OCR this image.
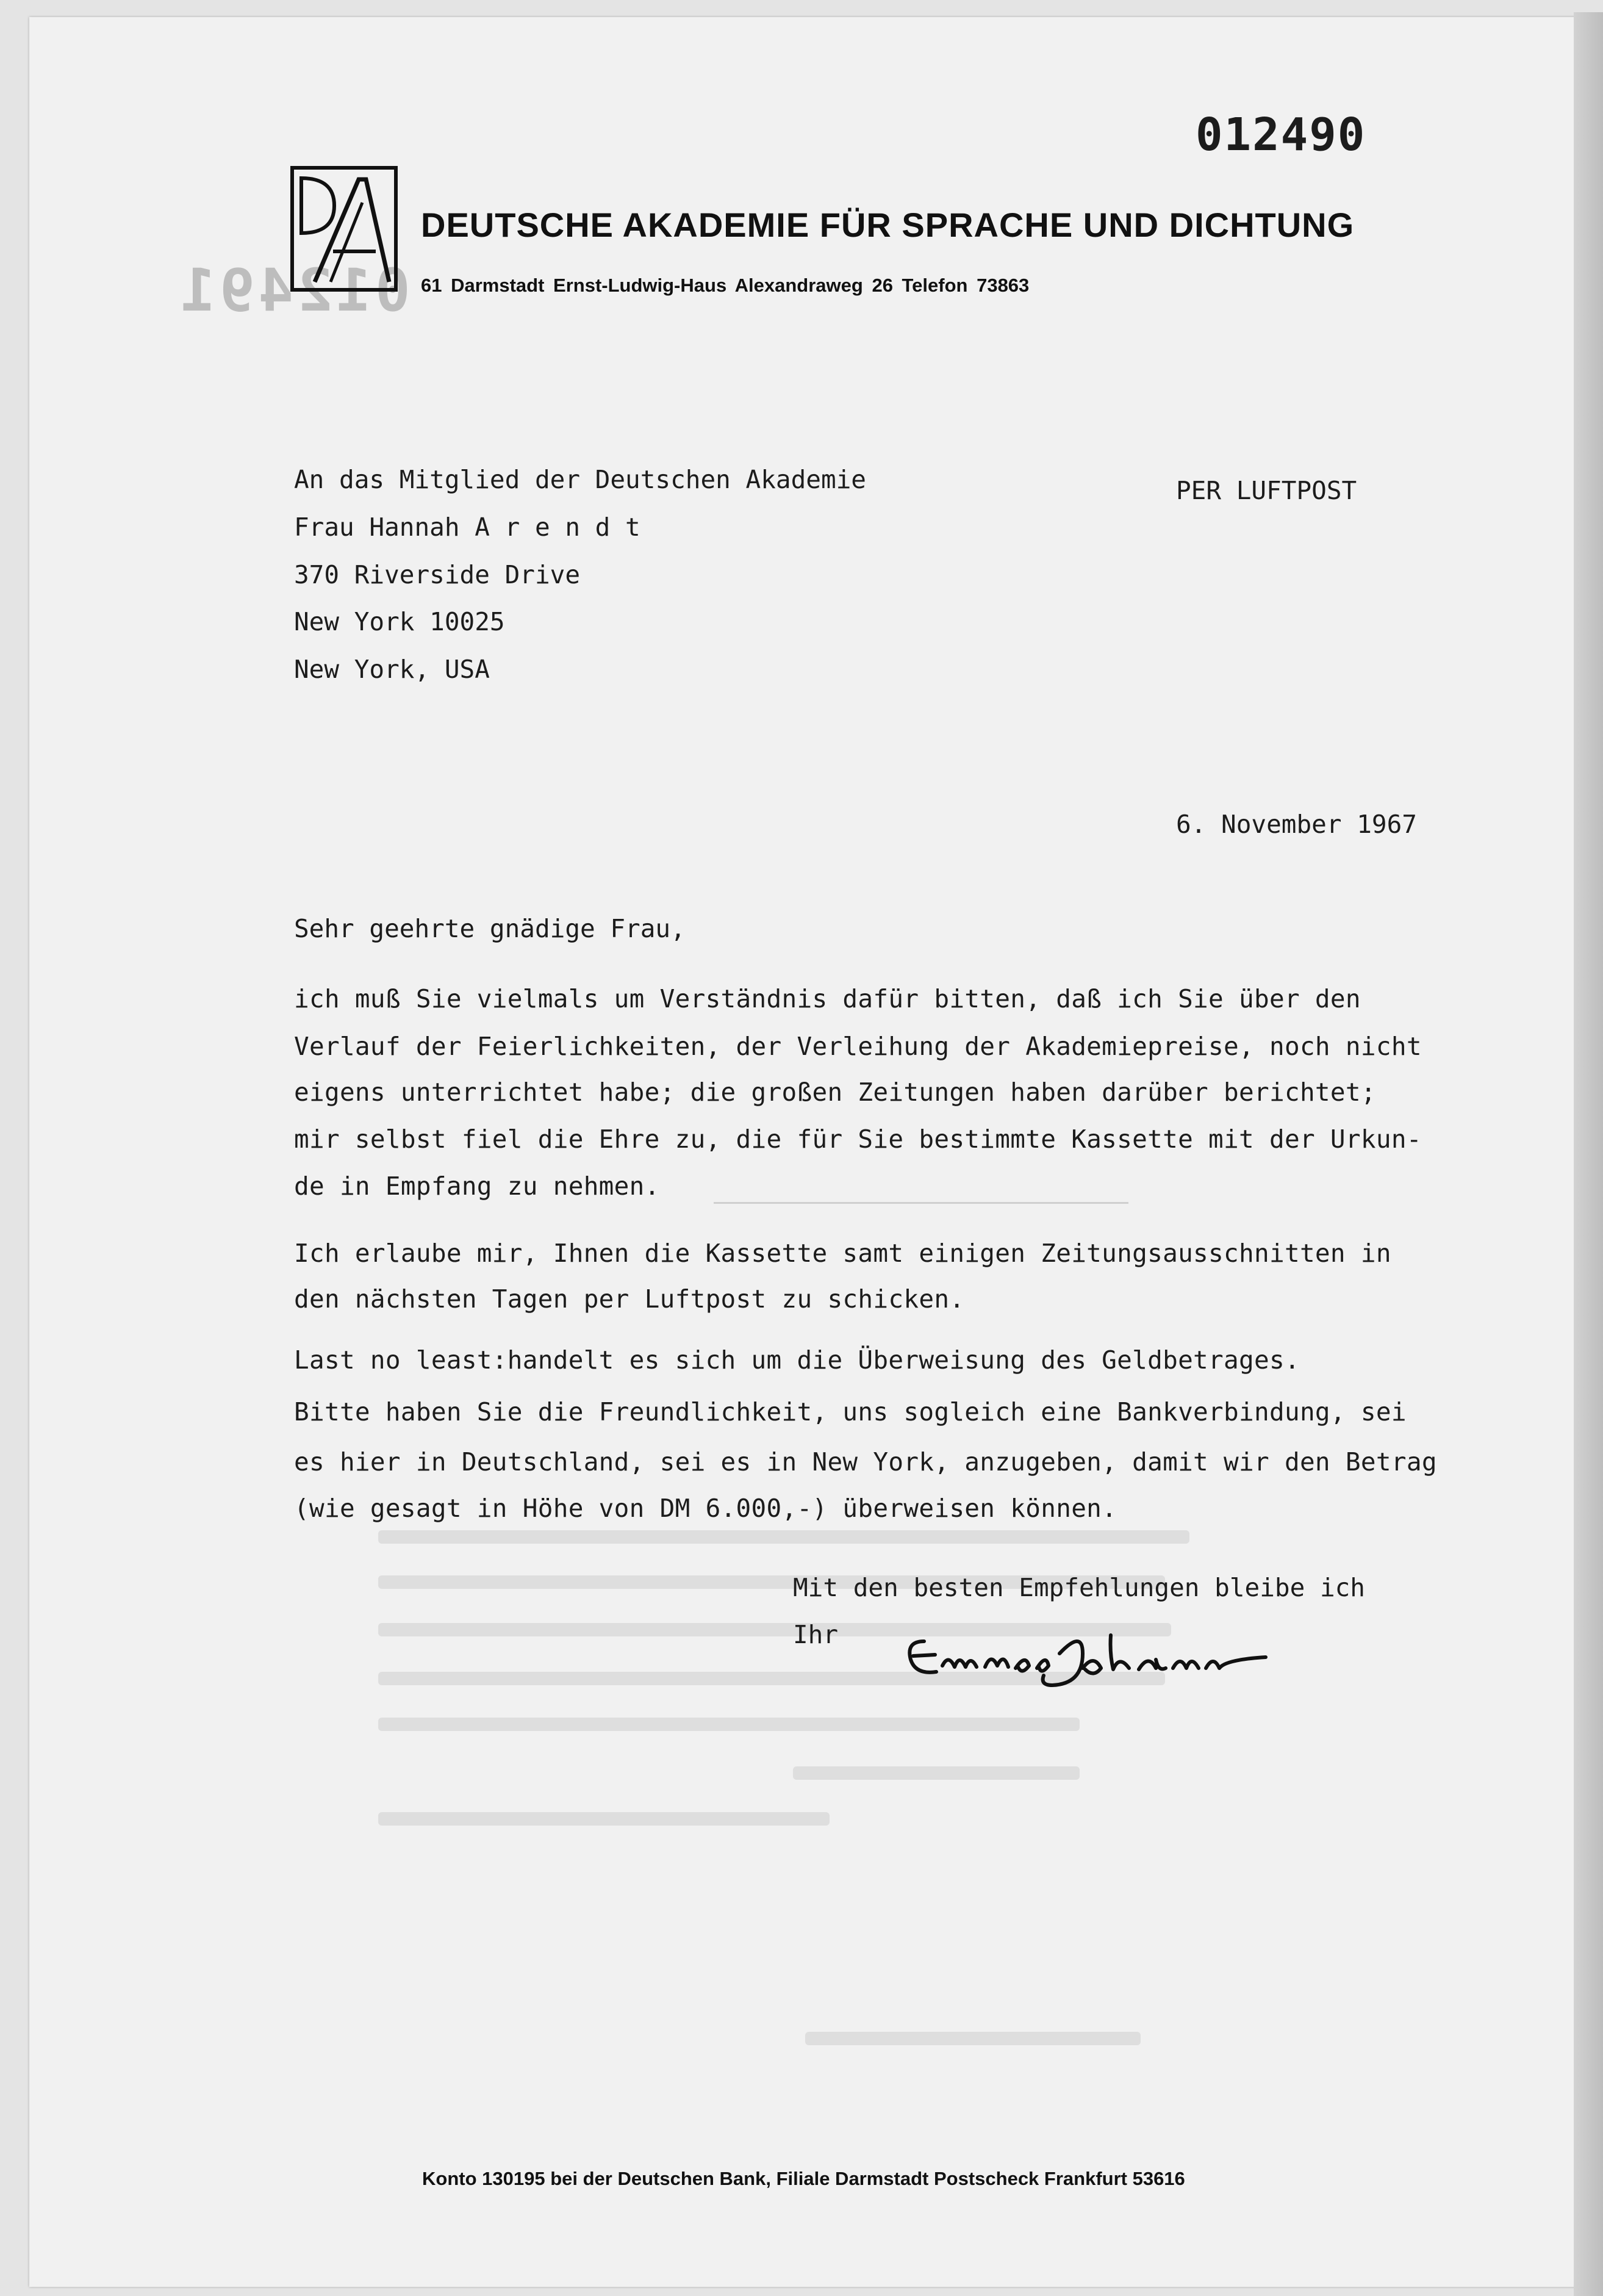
012490
012491
DA
DEUTSCHE AKADEMIE FÜR SPRACHE UND DICHTUNG
61 Darmstadt Ernst-Ludwig-Haus Alexandraweg 26 Telefon 73863
An das Mitglied der Deutschen Akademie
Frau Hannah A r e n d t
370 Riverside Drive
New York 10025
New York, USA
PER LUFTPOST
6. November 1967
Sehr geehrte gnädige Frau,
ich muß Sie vielmals um Verständnis dafür bitten, daß ich Sie über den
Verlauf der Feierlichkeiten, der Verleihung der Akademiepreise, noch nicht
eigens unterrichtet habe; die großen Zeitungen haben darüber berichtet;
mir selbst fiel die Ehre zu, die für Sie bestimmte Kassette mit der Urkun-
de in Empfang zu nehmen.
Ich erlaube mir, Ihnen die Kassette samt einigen Zeitungsausschnitten in
den nächsten Tagen per Luftpost zu schicken.
Last no least:handelt es sich um die Überweisung des Geldbetrages.
Bitte haben Sie die Freundlichkeit, uns sogleich eine Bankverbindung, sei
es hier in Deutschland, sei es in New York, anzugeben, damit wir den Betrag
(wie gesagt in Höhe von DM 6.000,-) überweisen können.
Mit den besten Empfehlungen bleibe ich
Ihr
Ernst Johann
Konto 130195 bei der Deutschen Bank, Filiale Darmstadt Postscheck Frankfurt 53616
